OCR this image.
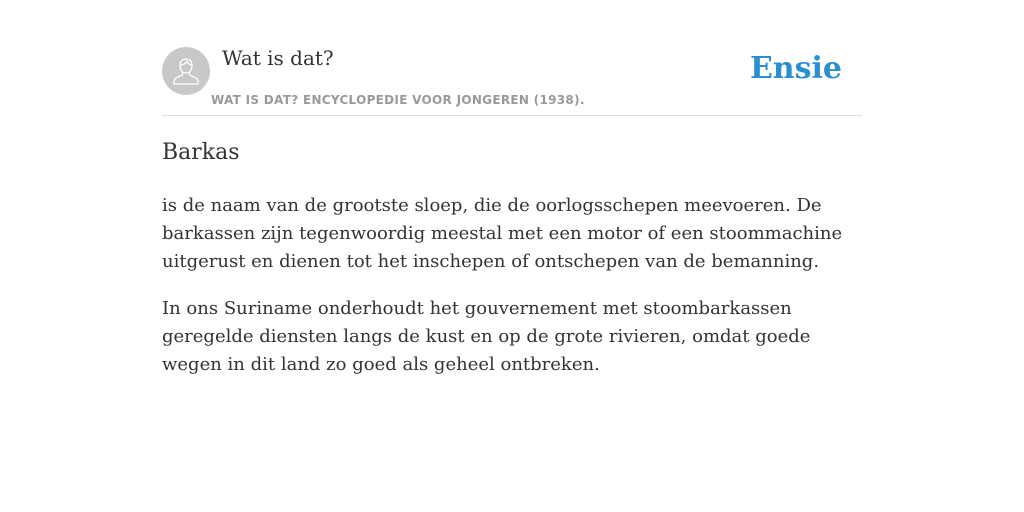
Wat is dat?
WAT IS DAT? ENCYCLOPEDIE VOOR JONGEREN (1938).
Ensie
Barkas

is de naam van de grootste sloep, die de oorlogsschepen meevoeren. De barkassen zijn tegenwoordig meestal met een motor of een stoommachine uitgerust en dienen tot het inschepen of ontschepen van de bemanning.

In ons Suriname onderhoudt het gouvernement met stoombarkassen geregelde diensten langs de kust en op de grote rivieren, omdat goede wegen in dit land zo goed als geheel ontbreken.
